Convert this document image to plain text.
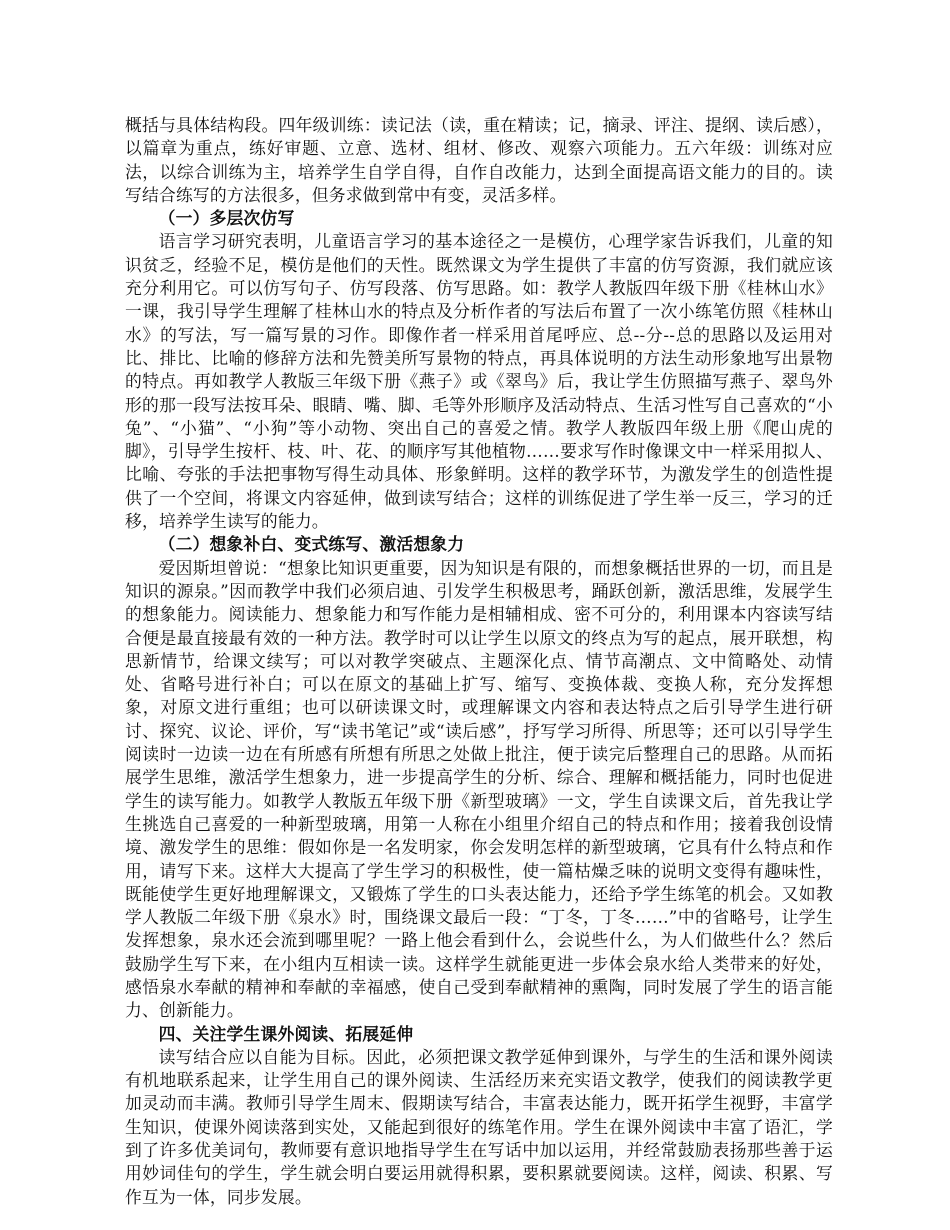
概括与具体结构段。四年级训练：读记法（读，重在精读；记，摘录、评注、提纲、读后感），以篇章为重点，练好审题、立意、选材、组材、修改、观察六项能力。五六年级：训练对应法，以综合训练为主，培养学生自学自得，自作自改能力，达到全面提高语文能力的目的。读写结合练写的方法很多，但务求做到常中有变，灵活多样。

（一）多层次仿写

语言学习研究表明，儿童语言学习的基本途径之一是模仿，心理学家告诉我们，儿童的知识贫乏，经验不足，模仿是他们的天性。既然课文为学生提供了丰富的仿写资源，我们就应该充分利用它。可以仿写句子、仿写段落、仿写思路。如：教学人教版四年级下册《桂林山水》一课，我引导学生理解了桂林山水的特点及分析作者的写法后布置了一次小练笔仿照《桂林山水》的写法，写一篇写景的习作。即像作者一样采用首尾呼应、总--分--总的思路以及运用对比、排比、比喻的修辞方法和先赞美所写景物的特点，再具体说明的方法生动形象地写出景物的特点。再如教学人教版三年级下册《燕子》或《翠鸟》后，我让学生仿照描写燕子、翠鸟外形的那一段写法按耳朵、眼睛、嘴、脚、毛等外形顺序及活动特点、生活习性写自己喜欢的“小兔”、“小猫”、“小狗”等小动物、突出自己的喜爱之情。教学人教版四年级上册《爬山虎的脚》，引导学生按杆、枝、叶、花、的顺序写其他植物……要求写作时像课文中一样采用拟人、比喻、夸张的手法把事物写得生动具体、形象鲜明。这样的教学环节，为激发学生的创造性提供了一个空间，将课文内容延伸，做到读写结合；这样的训练促进了学生举一反三，学习的迁移，培养学生读写的能力。

（二）想象补白、变式练写、激活想象力

爱因斯坦曾说：“想象比知识更重要，因为知识是有限的，而想象概括世界的一切，而且是知识的源泉。”因而教学中我们必须启迪、引发学生积极思考，踊跃创新，激活思维，发展学生的想象能力。阅读能力、想象能力和写作能力是相辅相成、密不可分的，利用课本内容读写结合便是最直接最有效的一种方法。教学时可以让学生以原文的终点为写的起点，展开联想，构思新情节，给课文续写；可以对教学突破点、主题深化点、情节高潮点、文中简略处、动情处、省略号进行补白；可以在原文的基础上扩写、缩写、变换体裁、变换人称，充分发挥想象，对原文进行重组；也可以研读课文时，或理解课文内容和表达特点之后引导学生进行研讨、探究、议论、评价，写“读书笔记”或“读后感”，抒写学习所得、所思等；还可以引导学生阅读时一边读一边在有所感有所想有所思之处做上批注，便于读完后整理自己的思路。从而拓展学生思维，激活学生想象力，进一步提高学生的分析、综合、理解和概括能力，同时也促进学生的读写能力。如教学人教版五年级下册《新型玻璃》一文，学生自读课文后，首先我让学生挑选自己喜爱的一种新型玻璃，用第一人称在小组里介绍自己的特点和作用；接着我创设情境、激发学生的思维：假如你是一名发明家，你会发明怎样的新型玻璃，它具有什么特点和作用，请写下来。这样大大提高了学生学习的积极性，使一篇枯燥乏味的说明文变得有趣味性，既能使学生更好地理解课文，又锻炼了学生的口头表达能力，还给予学生练笔的机会。又如教学人教版二年级下册《泉水》时，围绕课文最后一段：“丁冬，丁冬……”中的省略号，让学生发挥想象，泉水还会流到哪里呢？一路上他会看到什么，会说些什么，为人们做些什么？然后鼓励学生写下来，在小组内互相读一读。这样学生就能更进一步体会泉水给人类带来的好处，感悟泉水奉献的精神和奉献的幸福感，使自己受到奉献精神的熏陶，同时发展了学生的语言能力、创新能力。

四、关注学生课外阅读、拓展延伸

读写结合应以自能为目标。因此，必须把课文教学延伸到课外，与学生的生活和课外阅读有机地联系起来，让学生用自己的课外阅读、生活经历来充实语文教学，使我们的阅读教学更加灵动而丰满。教师引导学生周末、假期读写结合，丰富表达能力，既开拓学生视野，丰富学生知识，使课外阅读落到实处，又能起到很好的练笔作用。学生在课外阅读中丰富了语汇，学到了许多优美词句，教师要有意识地指导学生在写话中加以运用，并经常鼓励表扬那些善于运用妙词佳句的学生，学生就会明白要运用就得积累，要积累就要阅读。这样，阅读、积累、写作互为一体，同步发展。
